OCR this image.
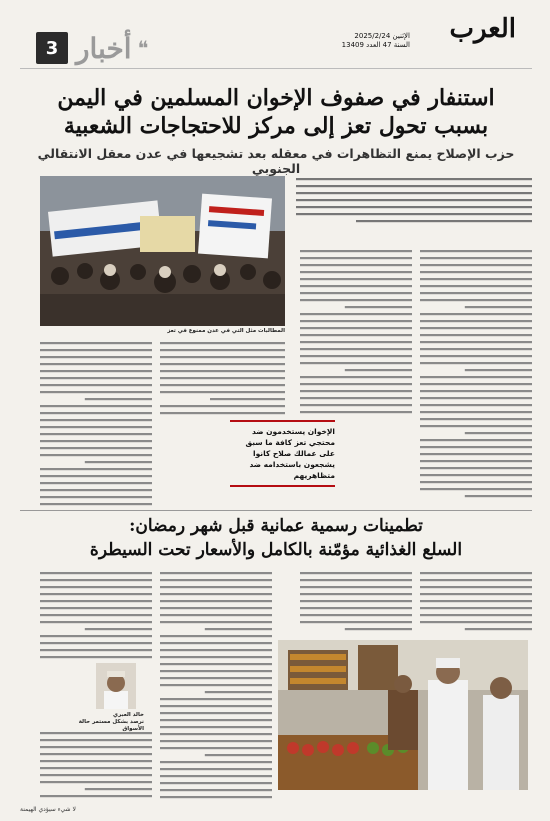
العرب
الإثنين 2025/2/24
السنة 47 العدد 13409
3 أخبار ❝
استنفار في صفوف الإخوان المسلمين في اليمن
بسبب تحول تعز إلى مركز للاحتجاجات الشعبية
حزب الإصلاح يمنع التظاهرات في معقله بعد تشجيعها في عدن معقل الانتقالي الجنوبي
المطالبات مثل التي في عدن ممنوع في تعز
الإخوان يستخدمون ضد محتجي تعز كافة ما سبق على عمالك صلاح كانوا يشجعون باستخدامه ضد متظاهريهم
تطمينات رسمية عمانية قبل شهر رمضان:
السلع الغذائية مؤمّنة بالكامل والأسعار تحت السيطرة
خالد العبري
نرصد بشكل مستمر حالة الأسواق
لا شيء سيؤدي الهيمنة
